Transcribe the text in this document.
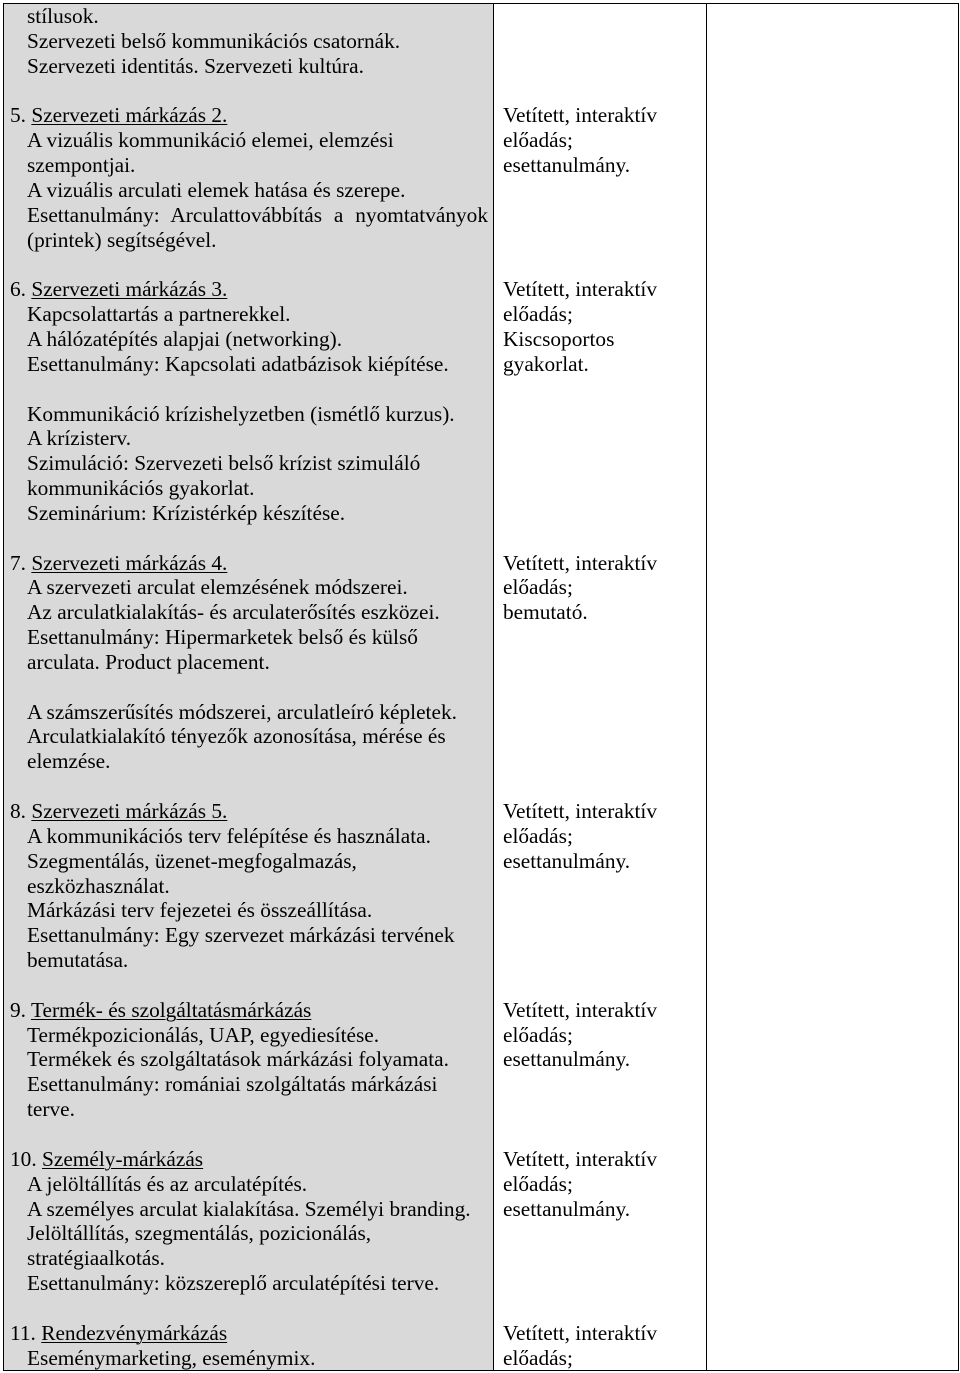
stílusok.
Szervezeti belső kommunikációs csatornák.
Szervezeti identitás. Szervezeti kultúra.
5. Szervezeti márkázás 2.
A vizuális kommunikáció elemei, elemzési
szempontjai.
A vizuális arculati elemek hatása és szerepe.
Esettanulmány: Arculattovábbítás a nyomtatványok
(printek) segítségével.
Vetített, interaktív
előadás;
esettanulmány.
6. Szervezeti márkázás 3.
Kapcsolattartás a partnerekkel.
A hálózatépítés alapjai (networking).
Esettanulmány: Kapcsolati adatbázisok kiépítése.
Vetített, interaktív
előadás;
Kiscsoportos
gyakorlat.
Kommunikáció krízishelyzetben (ismétlő kurzus).
A krízisterv.
Szimuláció: Szervezeti belső krízist szimuláló
kommunikációs gyakorlat.
Szeminárium: Krízistérkép készítése.
7. Szervezeti márkázás 4.
A szervezeti arculat elemzésének módszerei.
Az arculatkialakítás- és arculaterősítés eszközei.
Esettanulmány: Hipermarketek belső és külső
arculata. Product placement.
Vetített, interaktív
előadás;
bemutató.
A számszerűsítés módszerei, arculatleíró képletek.
Arculatkialakító tényezők azonosítása, mérése és
elemzése.
8. Szervezeti márkázás 5.
A kommunikációs terv felépítése és használata.
Szegmentálás, üzenet-megfogalmazás,
eszközhasználat.
Márkázási terv fejezetei és összeállítása.
Esettanulmány: Egy szervezet márkázási tervének
bemutatása.
Vetített, interaktív
előadás;
esettanulmány.
9. Termék- és szolgáltatásmárkázás
Termékpozicionálás, UAP, egyediesítése.
Termékek és szolgáltatások márkázási folyamata.
Esettanulmány: romániai szolgáltatás márkázási
terve.
Vetített, interaktív
előadás;
esettanulmány.
10. Személy-márkázás
A jelöltállítás és az arculatépítés.
A személyes arculat kialakítása. Személyi branding.
Jelöltállítás, szegmentálás, pozicionálás,
stratégiaalkotás.
Esettanulmány: közszereplő arculatépítési terve.
Vetített, interaktív
előadás;
esettanulmány.
11. Rendezvénymárkázás
Eseménymarketing, eseménymix.
Vetített, interaktív
előadás;
